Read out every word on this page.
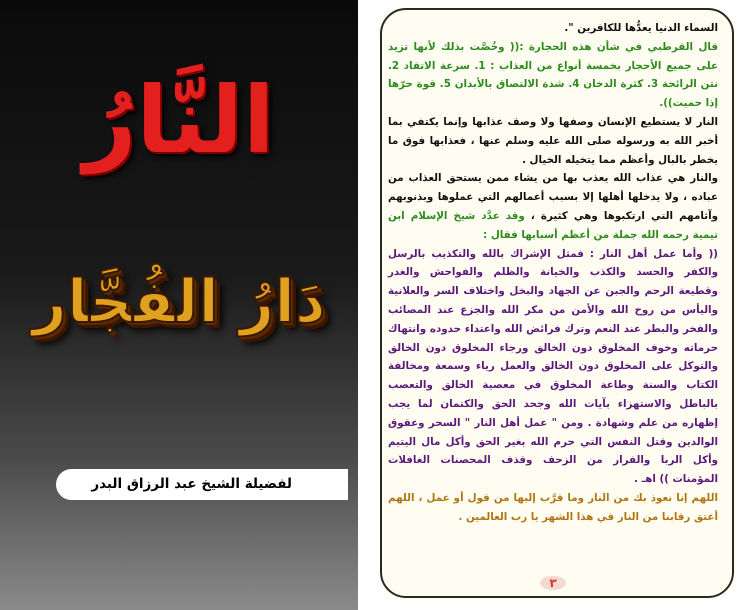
النَّارُ
دَارُ الفُجَّار
لفضيلة الشيخ عبد الرزاق البدر

السماء الدنيا يعدُّها للكافرين ".

قال القرطبي في شأن هذه الحجارة :(( وخُصَّت بذلك لأنها تزيد على جميع الأحجار بخمسة أنواع من العذاب : 1. سرعة الاتقاد 2. نتن الرائحة 3. كثرة الدخان 4. شدة الالتصاق بالأبدان 5. قوة حرّها إذا حميت)).

النار لا يستطيع الإنسان وصفها ولا وصف عذابها وإنما يكتفي بما أخبر الله به ورسوله صلى الله عليه وسلم عنها ، فعذابها فوق ما يخطر بالبال وأعظم مما يتخيله الخيال .

والنار هي عذاب الله يعذب بها من يشاء ممن يستحق العذاب من عباده ، ولا يدخلها أهلها إلا بسبب أعمالهم التي عملوها وبذنوبهم وآثامهم التي ارتكبوها وهي كثيرة ، وقد عدَّد شيخ الإسلام ابن تيمية رحمه الله جملة من أعظم أسبابها فقال :

(( وأما عمل أهل النار : فمثل الإشراك بالله والتكذيب بالرسل والكفر والحسد والكذب والخيانة والظلم والفواحش والغدر وقطيعة الرحم والجبن عن الجهاد والبخل واختلاف السر والعلانية واليأس من روح الله والأمن من مكر الله والجزع عند المصائب والفخر والبطر عند النعم وترك فرائض الله واعتداء حدوده وانتهاك حرماته وخوف المخلوق دون الخالق ورجاء المخلوق دون الخالق والتوكل على المخلوق دون الخالق والعمل رياء وسمعة ومخالفة الكتاب والسنة وطاعة المخلوق في معصية الخالق والتعصب بالباطل والاستهزاء بآيات الله وجحد الحق والكتمان لما يجب إظهاره من علم وشهادة . ومن " عمل أهل النار " السحر وعقوق الوالدين وقتل النفس التي حرم الله بغير الحق وأكل مال اليتيم وأكل الربا والفرار من الزحف وقذف المحصنات الغافلات المؤمنات )) اهـ .

اللهم إنا نعوذ بك من النار وما قرَّب إليها من قول أو عمل ، اللهم أعتق رقابنا من النار في هذا الشهر يا رب العالمين .

٣
